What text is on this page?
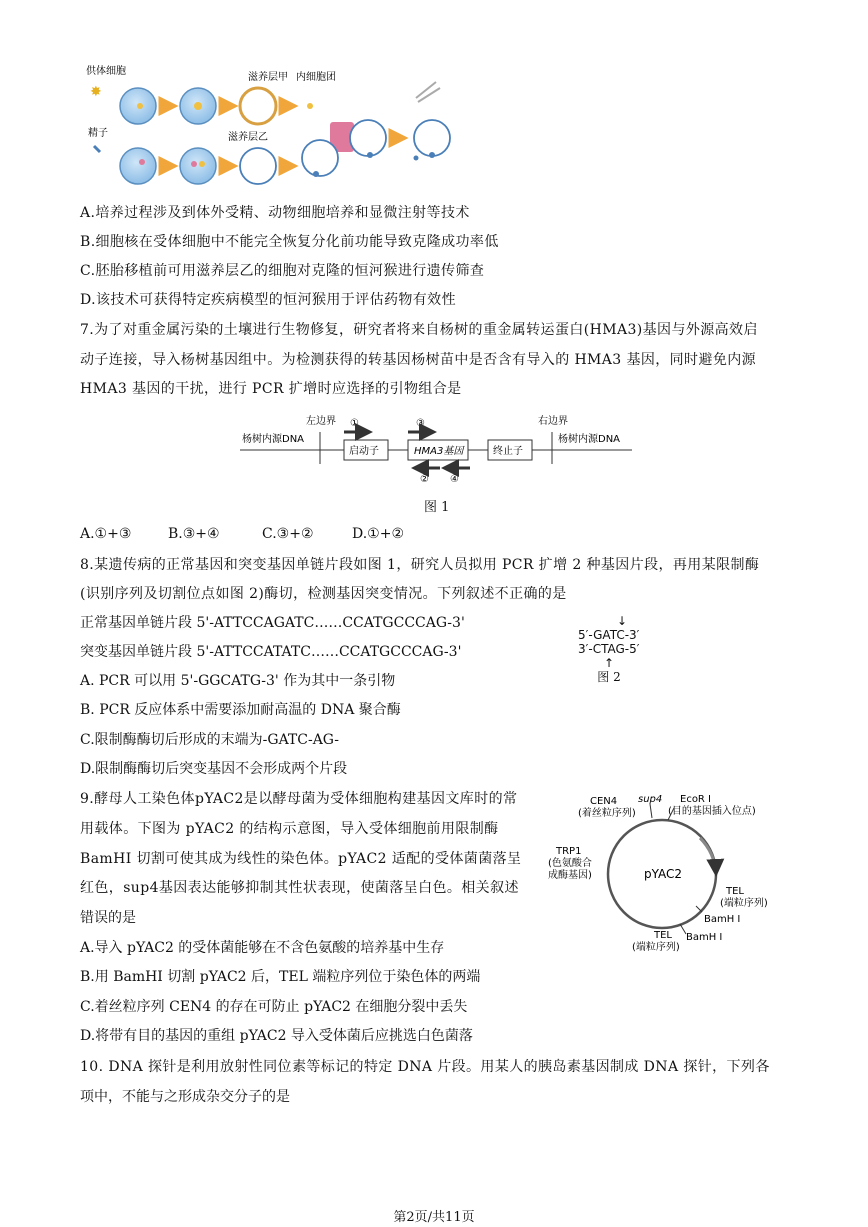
供体细胞
✸
滋养层甲 内细胞团
精子	滋养层乙
A.培养过程涉及到体外受精、动物细胞培养和显微注射等技术
B.细胞核在受体细胞中不能完全恢复分化前功能导致克隆成功率低
C.胚胎移植前可用滋养层乙的细胞对克隆的恒河猴进行遗传筛查
D.该技术可获得特定疾病模型的恒河猴用于评估药物有效性
7.为了对重金属污染的土壤进行生物修复，研究者将来自杨树的重金属转运蛋白(HMA3)基因与外源高效启
动子连接，导入杨树基因组中。为检测获得的转基因杨树苗中是否含有导入的 HMA3 基因，同时避免内源
HMA3 基因的干扰，进行 PCR 扩增时应选择的引物组合是
左边界	右边界
杨树内源DNA	杨树内源DNA
启动子	HMA3基因	终止子
①	③
② ④
图 1
A.①+③	B.③+④	C.③+②	D.①+②
8.某遗传病的正常基因和突变基因单链片段如图 1，研究人员拟用 PCR 扩增 2 种基因片段，再用某限制酶
(识别序列及切割位点如图 2)酶切，检测基因突变情况。下列叙述不正确的是
正常基因单链片段 5'-ATTCCAGATC……CCATGCCCAG-3'
突变基因单链片段 5'-ATTCCATATC……CCATGCCCAG-3'
↓
5′-GATC-3′
3′-CTAG-5′
↑
图 2
A. PCR 可以用 5'-GGCATG-3' 作为其中一条引物
B. PCR 反应体系中需要添加耐高温的 DNA 聚合酶
C.限制酶酶切后形成的末端为-GATC-AG-
D.限制酶酶切后突变基因不会形成两个片段
9.酵母人工染色体pYAC2是以酵母菌为受体细胞构建基因文库时的常
用载体。下图为 pYAC2 的结构示意图，导入受体细胞前用限制酶
BamHI 切割可使其成为线性的染色体。pYAC2 适配的受体菌菌落呈
红色，sup4基因表达能够抑制其性状表现，使菌落呈白色。相关叙述
错误的是
pYAC2
CEN4
(着丝粒序列)
sup4 EcoR Ⅰ
(目的基因插入位点)
TRP1
(色氨酸合
成酶基因)
TEL
(端粒序列)
BamH Ⅰ
BamH Ⅰ
TEL
(端粒序列)
A.导入 pYAC2 的受体菌能够在不含色氨酸的培养基中生存
B.用 BamHI 切割 pYAC2 后，TEL 端粒序列位于染色体的两端
C.着丝粒序列 CEN4 的存在可防止 pYAC2 在细胞分裂中丢失
D.将带有目的基因的重组 pYAC2 导入受体菌后应挑选白色菌落
10. DNA 探针是利用放射性同位素等标记的特定 DNA 片段。用某人的胰岛素基因制成 DNA 探针，下列各
项中，不能与之形成杂交分子的是
第2页/共11页
